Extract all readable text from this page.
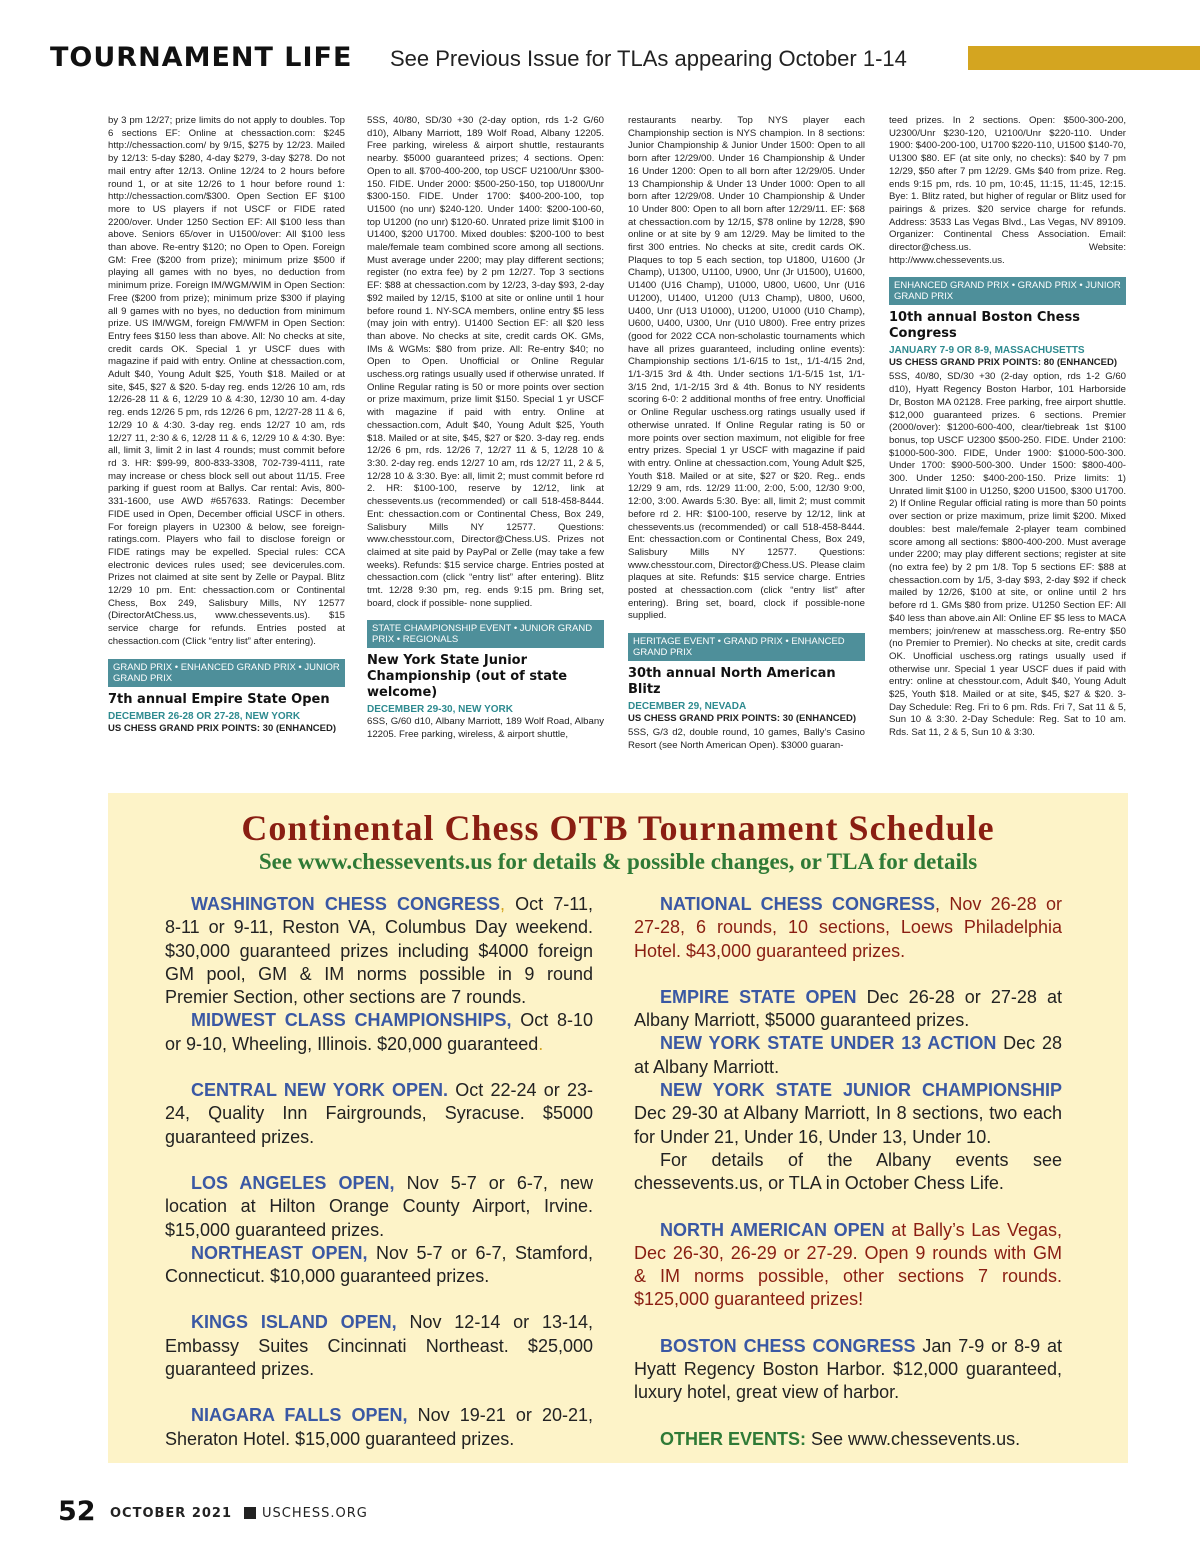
TOURNAMENT LIFE See Previous Issue for TLAs appearing October 1-14

by 3 pm 12/27; prize limits do not apply to doubles. Top 6 sections EF: Online at chessaction.com: $245 http://chessaction.com/ by 9/15, $275 by 12/23. Mailed by 12/13: 5-day $280, 4-day $279, 3-day $278. Do not mail entry after 12/13. Online 12/24 to 2 hours before round 1, or at site 12/26 to 1 hour before round 1: http://chessaction.com/$300. Open Section EF $100 more to US players if not USCF or FIDE rated 2200/over. Under 1250 Section EF: All $100 less than above. Seniors 65/over in U1500/over: All $100 less than above. Re-entry $120; no Open to Open. Foreign GM: Free ($200 from prize); minimum prize $500 if playing all games with no byes, no deduction from minimum prize. Foreign IM/WGM/WIM in Open Section: Free ($200 from prize); minimum prize $300 if playing all 9 games with no byes, no deduction from minimum prize. US IM/WGM, foreign FM/WFM in Open Section: Entry fees $150 less than above. All: No checks at site, credit cards OK. Special 1 yr USCF dues with magazine if paid with entry. Online at chessaction.com, Adult $40, Young Adult $25, Youth $18. Mailed or at site, $45, $27 & $20. 5-day reg. ends 12/26 10 am, rds 12/26-28 11 & 6, 12/29 10 & 4:30, 12/30 10 am. 4-day reg. ends 12/26 5 pm, rds 12/26 6 pm, 12/27-28 11 & 6, 12/29 10 & 4:30. 3-day reg. ends 12/27 10 am, rds 12/27 11, 2:30 & 6, 12/28 11 & 6, 12/29 10 & 4:30. Bye: all, limit 3, limit 2 in last 4 rounds; must commit before rd 3. HR: $99-99, 800-833-3308, 702-739-4111, rate may increase or chess block sell out about 11/15. Free parking if guest room at Ballys. Car rental: Avis, 800-331-1600, use AWD #657633. Ratings: December FIDE used in Open, December official USCF in others. For foreign players in U2300 & below, see foreign-ratings.com. Players who fail to disclose foreign or FIDE ratings may be expelled. Special rules: CCA electronic devices rules used; see devicerules.com. Prizes not claimed at site sent by Zelle or Paypal. Blitz 12/29 10 pm. Ent: chessaction.com or Continental Chess, Box 249, Salisbury Mills, NY 12577 (DirectorAtChess.us, www.chessevents.us). $15 service charge for refunds. Entries posted at chessaction.com (Click “entry list” after entering).

GRAND PRIX • ENHANCED GRAND PRIX • JUNIOR GRAND PRIX
7th annual Empire State Open
DECEMBER 26-28 OR 27-28, NEW YORK
US CHESS GRAND PRIX POINTS: 30 (ENHANCED)

5SS, 40/80, SD/30 +30 (2-day option, rds 1-2 G/60 d10), Albany Marriott, 189 Wolf Road, Albany 12205. Free parking, wireless & airport shuttle, restaurants nearby. $5000 guaranteed prizes; 4 sections. Open: Open to all. $700-400-200, top USCF U2100/Unr $300-150. FIDE. Under 2000: $500-250-150, top U1800/Unr $300-150. FIDE. Under 1700: $400-200-100, top U1500 (no unr) $240-120. Under 1400: $200-100-60, top U1200 (no unr) $120-60. Unrated prize limit $100 in U1400, $200 U1700. Mixed doubles: $200-100 to best male/female team combined score among all sections. Must average under 2200; may play different sections; register (no extra fee) by 2 pm 12/27. Top 3 sections EF: $88 at chessaction.com by 12/23, 3-day $93, 2-day $92 mailed by 12/15, $100 at site or online until 1 hour before round 1. NY-SCA members, online entry $5 less (may join with entry). U1400 Section EF: all $20 less than above. No checks at site, credit cards OK. GMs, IMs & WGMs: $80 from prize. All: Re-entry $40; no Open to Open. Unofficial or Online Regular uschess.org ratings usually used if otherwise unrated. If Online Regular rating is 50 or more points over section or prize maximum, prize limit $150. Special 1 yr USCF with magazine if paid with entry. Online at chessaction.com, Adult $40, Young Adult $25, Youth $18. Mailed or at site, $45, $27 or $20. 3-day reg. ends 12/26 6 pm, rds. 12/26 7, 12/27 11 & 5, 12/28 10 & 3:30. 2-day reg. ends 12/27 10 am, rds 12/27 11, 2 & 5, 12/28 10 & 3:30. Bye: all, limit 2; must commit before rd 2. HR: $100-100, reserve by 12/12, link at chessevents.us (recommended) or call 518-458-8444. Ent: chessaction.com or Continental Chess, Box 249, Salisbury Mills NY 12577. Questions: www.chesstour.com, Director@Chess.US. Prizes not claimed at site paid by PayPal or Zelle (may take a few weeks). Refunds: $15 service charge. Entries posted at chessaction.com (click “entry list” after entering). Blitz tmt. 12/28 9:30 pm, reg. ends 9:15 pm. Bring set, board, clock if possible- none supplied.

STATE CHAMPIONSHIP EVENT • JUNIOR GRAND PRIX • REGIONALS
New York State Junior Championship (out of state welcome)
DECEMBER 29-30, NEW YORK

6SS, G/60 d10, Albany Marriott, 189 Wolf Road, Albany 12205. Free parking, wireless, & airport shuttle,

restaurants nearby. Top NYS player each Championship section is NYS champion. In 8 sections: Junior Championship & Junior Under 1500: Open to all born after 12/29/00. Under 16 Championship & Under 16 Under 1200: Open to all born after 12/29/05. Under 13 Championship & Under 13 Under 1000: Open to all born after 12/29/08. Under 10 Championship & Under 10 Under 800: Open to all born after 12/29/11. EF: $68 at chessaction.com by 12/15, $78 online by 12/28, $90 online or at site by 9 am 12/29. May be limited to the first 300 entries. No checks at site, credit cards OK. Plaques to top 5 each section, top U1800, U1600 (Jr Champ), U1300, U1100, U900, Unr (Jr U1500), U1600, U1400 (U16 Champ), U1000, U800, U600, Unr (U16 U1200), U1400, U1200 (U13 Champ), U800, U600, U400, Unr (U13 U1000), U1200, U1000 (U10 Champ), U600, U400, U300, Unr (U10 U800). Free entry prizes (good for 2022 CCA non-scholastic tournaments which have all prizes guaranteed, including online events): Championship sections 1/1-6/15 to 1st,, 1/1-4/15 2nd, 1/1-3/15 3rd & 4th. Under sections 1/1-5/15 1st, 1/1-3/15 2nd, 1/1-2/15 3rd & 4th. Bonus to NY residents scoring 6-0: 2 additional months of free entry. Unofficial or Online Regular uschess.org ratings usually used if otherwise unrated. If Online Regular rating is 50 or more points over section maximum, not eligible for free entry prizes. Special 1 yr USCF with magazine if paid with entry. Online at chessaction.com, Young Adult $25, Youth $18. Mailed or at site, $27 or $20. Reg.. ends 12/29 9 am, rds. 12/29 11:00, 2:00, 5:00, 12/30 9:00, 12:00, 3:00. Awards 5:30. Bye: all, limit 2; must commit before rd 2. HR: $100-100, reserve by 12/12, link at chessevents.us (recommended) or call 518-458-8444. Ent: chessaction.com or Continental Chess, Box 249, Salisbury Mills NY 12577. Questions: www.chesstour.com, Director@Chess.US. Please claim plaques at site. Refunds: $15 service charge. Entries posted at chessaction.com (click “entry list” after entering). Bring set, board, clock if possible-none supplied.

HERITAGE EVENT • GRAND PRIX • ENHANCED GRAND PRIX
30th annual North American Blitz
DECEMBER 29, NEVADA
US CHESS GRAND PRIX POINTS: 30 (ENHANCED)

5SS, G/3 d2, double round, 10 games, Bally’s Casino Resort (see North American Open). $3000 guaran-

teed prizes. In 2 sections. Open: $500-300-200, U2300/Unr $230-120, U2100/Unr $220-110. Under 1900: $400-200-100, U1700 $220-110, U1500 $140-70, U1300 $80. EF (at site only, no checks): $40 by 7 pm 12/29, $50 after 7 pm 12/29. GMs $40 from prize. Reg. ends 9:15 pm, rds. 10 pm, 10:45, 11:15, 11:45, 12:15. Bye: 1. Blitz rated, but higher of regular or Blitz used for pairings & prizes. $20 service charge for refunds. Address: 3533 Las Vegas Blvd., Las Vegas, NV 89109. Organizer: Continental Chess Association. Email: director@chess.us. Website: http://www.chessevents.us.

ENHANCED GRAND PRIX • GRAND PRIX • JUNIOR GRAND PRIX
10th annual Boston Chess Congress
JANUARY 7-9 OR 8-9, MASSACHUSETTS
US CHESS GRAND PRIX POINTS: 80 (ENHANCED)

5SS, 40/80, SD/30 +30 (2-day option, rds 1-2 G/60 d10), Hyatt Regency Boston Harbor, 101 Harborside Dr, Boston MA 02128. Free parking, free airport shuttle. $12,000 guaranteed prizes. 6 sections. Premier (2000/over): $1200-600-400, clear/tiebreak 1st $100 bonus, top USCF U2300 $500-250. FIDE. Under 2100: $1000-500-300. FIDE, Under 1900: $1000-500-300. Under 1700: $900-500-300. Under 1500: $800-400-300. Under 1250: $400-200-150. Prize limits: 1) Unrated limit $100 in U1250, $200 U1500, $300 U1700. 2) If Online Regular official rating is more than 50 points over section or prize maximum, prize limit $200. Mixed doubles: best male/female 2-player team combined score among all sections: $800-400-200. Must average under 2200; may play different sections; register at site (no extra fee) by 2 pm 1/8. Top 5 sections EF: $88 at chessaction.com by 1/5, 3-day $93, 2-day $92 if check mailed by 12/26, $100 at site, or online until 2 hrs before rd 1. GMs $80 from prize. U1250 Section EF: All $40 less than above.ain All: Online EF $5 less to MACA members; join/renew at masschess.org. Re-entry $50 (no Premier to Premier). No checks at site, credit cards OK. Unofficial uschess.org ratings usually used if otherwise unr. Special 1 year USCF dues if paid with entry: online at chesstour.com, Adult $40, Young Adult $25, Youth $18. Mailed or at site, $45, $27 & $20. 3-Day Schedule: Reg. Fri to 6 pm. Rds. Fri 7, Sat 11 & 5, Sun 10 & 3:30. 2-Day Schedule: Reg. Sat to 10 am. Rds. Sat 11, 2 & 5, Sun 10 & 3:30.

Continental Chess OTB Tournament Schedule
See www.chessevents.us for details & possible changes, or TLA for details

WASHINGTON CHESS CONGRESS, Oct 7-11, 8-11 or 9-11, Reston VA, Columbus Day weekend. $30,000 guaranteed prizes including $4000 foreign GM pool, GM & IM norms possible in 9 round Premier Section, other sections are 7 rounds.

MIDWEST CLASS CHAMPIONSHIPS, Oct 8-10 or 9-10, Wheeling, Illinois. $20,000 guaranteed.

CENTRAL NEW YORK OPEN. Oct 22-24 or 23-24, Quality Inn Fairgrounds, Syracuse. $5000 guaranteed prizes.

LOS ANGELES OPEN, Nov 5-7 or 6-7, new location at Hilton Orange County Airport, Irvine. $15,000 guaranteed prizes.

NORTHEAST OPEN, Nov 5-7 or 6-7, Stamford, Connecticut. $10,000 guaranteed prizes.

KINGS ISLAND OPEN, Nov 12-14 or 13-14, Embassy Suites Cincinnati Northeast. $25,000 guaranteed prizes.

NIAGARA FALLS OPEN, Nov 19-21 or 20-21, Sheraton Hotel. $15,000 guaranteed prizes.

NATIONAL CHESS CONGRESS, Nov 26-28 or 27-28, 6 rounds, 10 sections, Loews Philadelphia Hotel. $43,000 guaranteed prizes.

EMPIRE STATE OPEN Dec 26-28 or 27-28 at Albany Marriott, $5000 guaranteed prizes.

NEW YORK STATE UNDER 13 ACTION Dec 28 at Albany Marriott.

NEW YORK STATE JUNIOR CHAMPIONSHIP Dec 29-30 at Albany Marriott, In 8 sections, two each for Under 21, Under 16, Under 13, Under 10.

For details of the Albany events see chessevents.us, or TLA in October Chess Life.

NORTH AMERICAN OPEN at Bally’s Las Vegas, Dec 26-30, 26-29 or 27-29. Open 9 rounds with GM & IM norms possible, other sections 7 rounds. $125,000 guaranteed prizes!

BOSTON CHESS CONGRESS Jan 7-9 or 8-9 at Hyatt Regency Boston Harbor. $12,000 guaranteed, luxury hotel, great view of harbor.

OTHER EVENTS: See www.chessevents.us.

52 OCTOBER 2021 USCHESS.ORG
